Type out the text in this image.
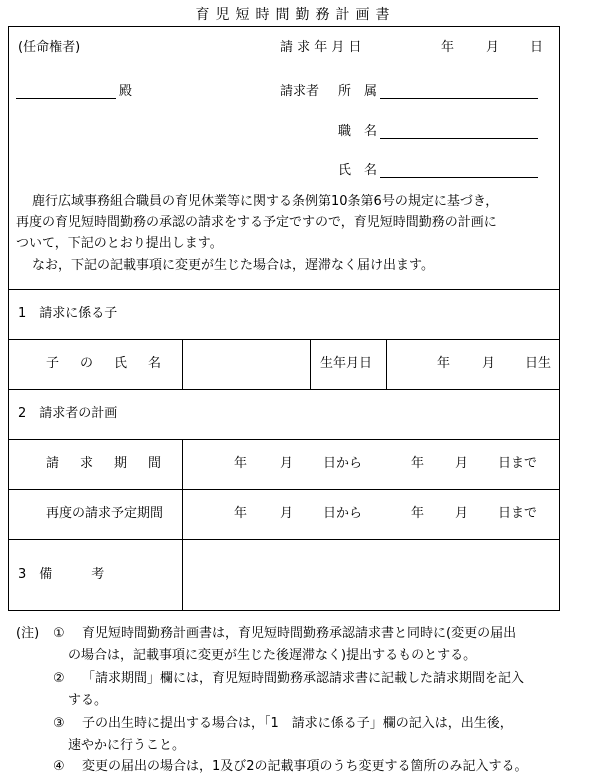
育児短時間勤務計画書
(任命権者)	請 求 年 月 日	年 月 日
殿	請求者 所　属
職　名
氏　名
鹿行広域事務組合職員の育児休業等に関する条例第10条第6号の規定に基づき，
再度の育児短時間勤務の承認の請求をする予定ですので，育児短時間勤務の計画に
ついて，下記のとおり提出します。
なお，下記の記載事項に変更が生じた場合は，遅滞なく届け出ます。
1　請求に係る子
子　の　氏　名	生年月日	年 月 日生
2　請求者の計画
請　求　期　間	年	月 日から	年 月 日まで
再度の請求予定期間	年	月 日から	年 月 日まで
3　備　　　考
(注) ① 育児短時間勤務計画書は，育児短時間勤務承認請求書と同時に(変更の届出
の場合は，記載事項に変更が生じた後遅滞なく)提出するものとする。
② 「請求期間」欄には，育児短時間勤務承認請求書に記載した請求期間を記入
する。
③ 子の出生時に提出する場合は，「1　請求に係る子」欄の記入は，出生後，
速やかに行うこと。
④ 変更の届出の場合は，1及び2の記載事項のうち変更する箇所のみ記入する。
